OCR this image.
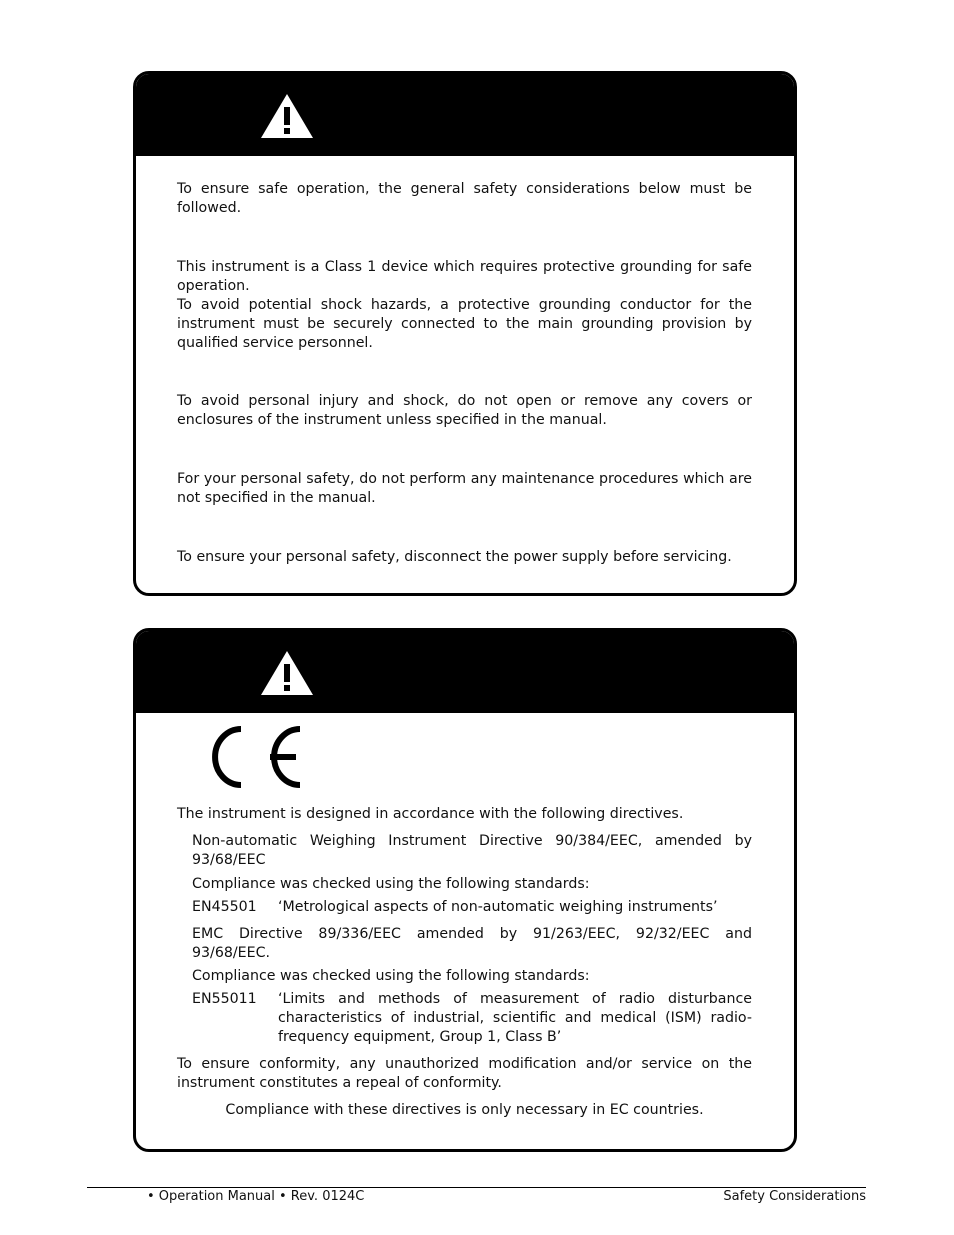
To ensure safe operation, the general safety considerations below must be followed.

This instrument is a Class 1 device which requires protective grounding for safe operation.

To avoid potential shock hazards, a protective grounding conductor for the instrument must be securely connected to the main grounding provision by qualified service personnel.

To avoid personal injury and shock, do not open or remove any covers or enclosures of the instrument unless specified in the manual.

For your personal safety, do not perform any maintenance procedures which are not specified in the manual.

To ensure your personal safety, disconnect the power supply before servicing.

The instrument is designed in accordance with the following directives.

Non-automatic Weighing Instrument Directive 90/384/EEC, amended by 93/68/EEC

Compliance was checked using the following standards:

EN45501 ‘Metrological aspects of non-automatic weighing instruments’

EMC Directive 89/336/EEC amended by 91/263/EEC, 92/32/EEC and 93/68/EEC.

Compliance was checked using the following standards:

EN55011 ‘Limits and methods of measurement of radio disturbance characteristics of industrial, scientific and medical (ISM) radio-frequency equipment, Group 1, Class B’

To ensure conformity, any unauthorized modification and/or service on the instrument constitutes a repeal of conformity.

Compliance with these directives is only necessary in EC countries.

• Operation Manual • Rev. 0124C	Safety Considerations
